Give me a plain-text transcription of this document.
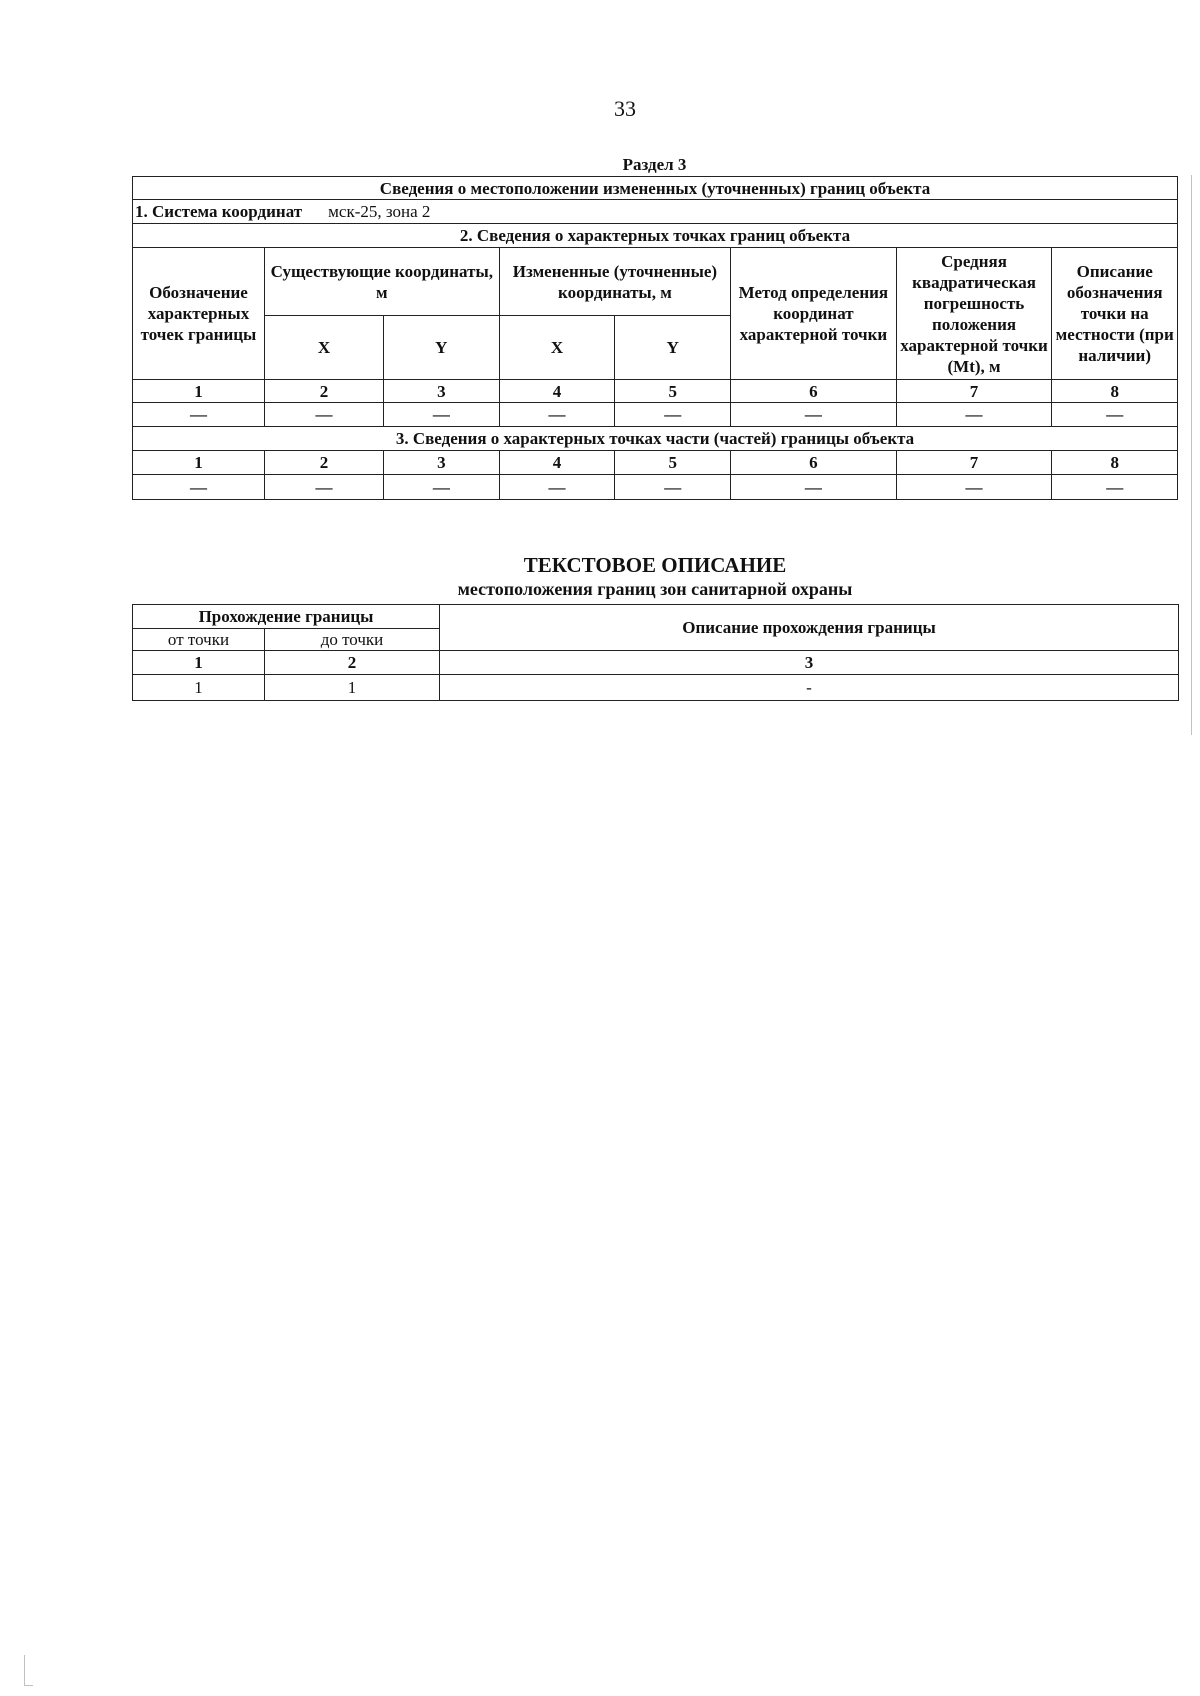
33
Раздел 3
Сведения о местоположении измененных (уточненных) границ объекта							
1. Система координат мск-25, зона 2							
2. Сведения о характерных точках границ объекта							
Обозначение характерных точек границы	Существующие координаты, м		Измененные (уточненные) координаты, м		Метод определения координат характерной точки	Средняя квадратическая погрешность положения характерной точки (Mt), м	Описание обозначения точки на местности (при наличии)
	X	Y	X	Y			
1	2	3	4	5	6	7	8
—	—	—	—	—	—	—	—
3. Сведения о характерных точках части (частей) границы объекта							
1	2	3	4	5	6	7	8
—	—	—	—	—	—	—	—
ТЕКСТОВОЕ ОПИСАНИЕ
местоположения границ зон санитарной охраны
Прохождение границы		Описание прохождения границы
от точки	до точки	
1	2	3
1	1	-
